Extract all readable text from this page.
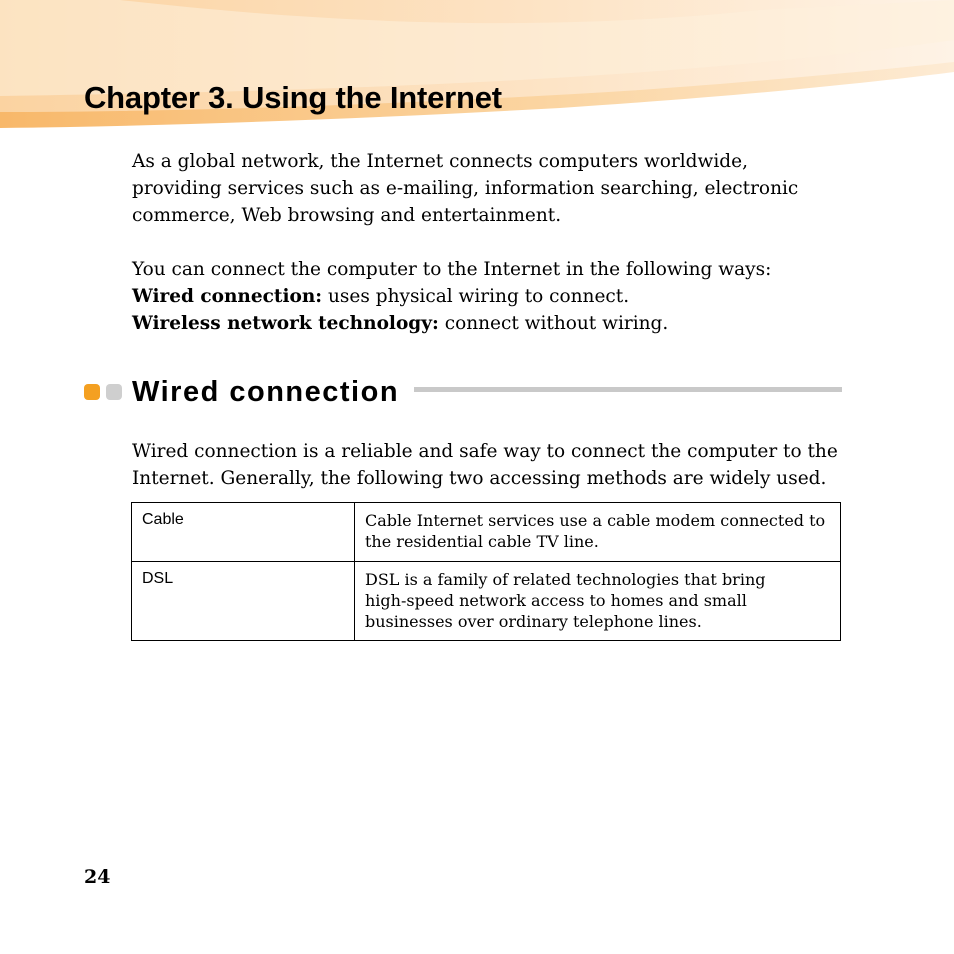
Chapter 3. Using the Internet

As a global network, the Internet connects computers worldwide,
providing services such as e-mailing, information searching, electronic
commerce, Web browsing and entertainment.

You can connect the computer to the Internet in the following ways:
Wired connection: uses physical wiring to connect.
Wireless network technology: connect without wiring.

Wired connection

Wired connection is a reliable and safe way to connect the computer to the
Internet. Generally, the following two accessing methods are widely used.

Cable	Cable Internet services use a cable modem connected to
the residential cable TV line.

DSL	DSL is a family of related technologies that bring
high-speed network access to homes and small
businesses over ordinary telephone lines.
24
